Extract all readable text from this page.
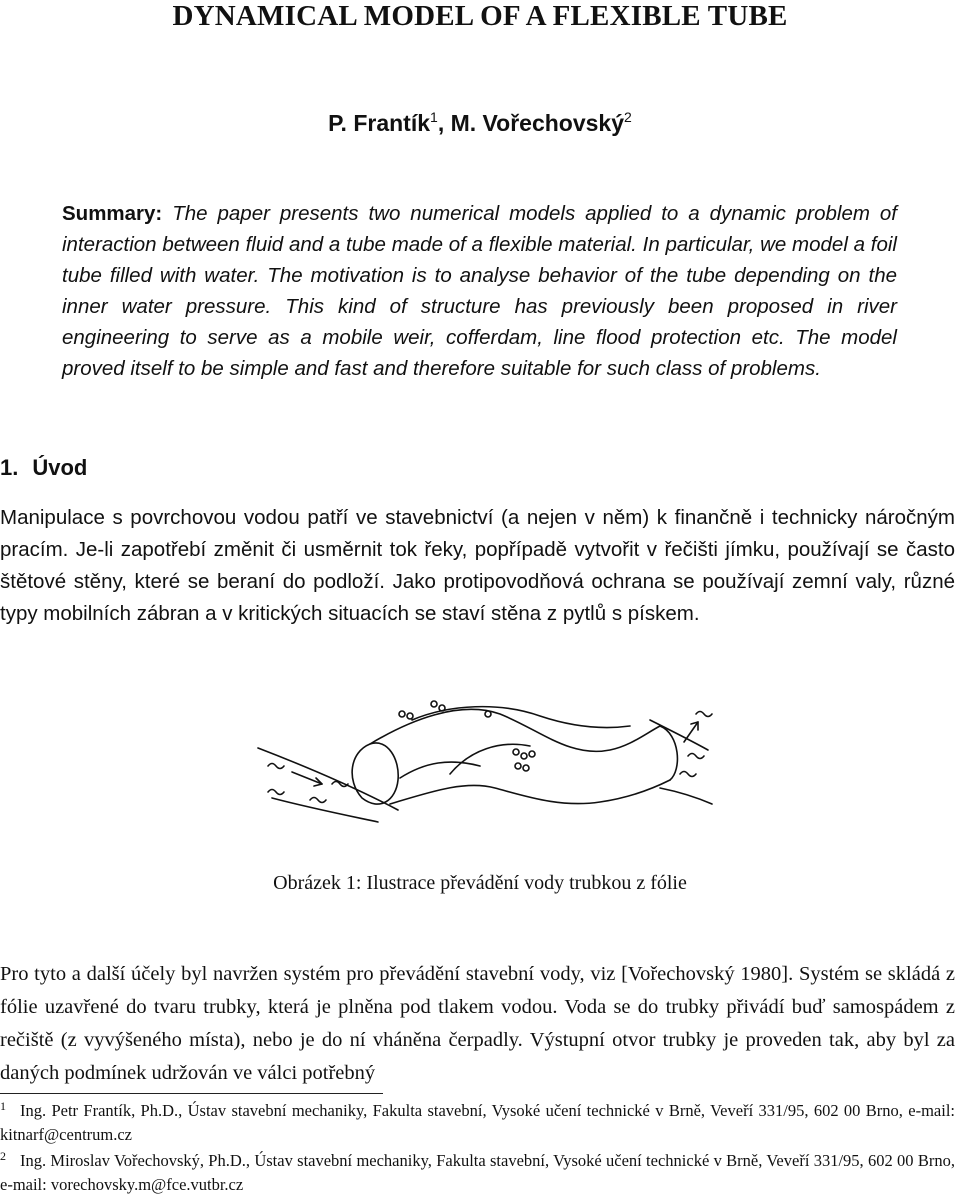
DYNAMICAL MODEL OF A FLEXIBLE TUBE
P. Frantík$^1$, M. Vořechovský$^2$
Summary: The paper presents two numerical models applied to a dynamic problem of interaction between fluid and a tube made of a flexible material. In particular, we model a foil tube filled with water. The motivation is to analyse behavior of the tube depending on the inner water pressure. This kind of structure has previously been proposed in river engineering to serve as a mobile weir, cofferdam, line flood protection etc. The model proved itself to be simple and fast and therefore suitable for such class of problems.
1. Úvod
Manipulace s povrchovou vodou patří ve stavebnictví (a nejen v něm) k finančně i technicky náročným pracím. Je-li zapotřebí změnit či usměrnit tok řeky, popřípadě vytvořit v řečišti jímku, používají se často štětové stěny, které se beraní do podloží. Jako protipovodňová ochrana se používají zemní valy, různé typy mobilních zábran a v kritických situacích se staví stěna z pytlů s pískem.
Obrázek 1: Ilustrace převádění vody trubkou z fólie
Pro tyto a další účely byl navržen systém pro převádění stavební vody, viz [Vořechovský 1980]. Systém se skládá z fólie uzavřené do tvaru trubky, která je plněna pod tlakem vodou. Voda se do trubky přivádí buď samospádem z rečiště (z vyvýšeného místa), nebo je do ní vháněna čerpadly. Výstupní otvor trubky je proveden tak, aby byl za daných podmínek udržován ve válci potřebný

$^1$ Ing. Petr Frantík, Ph.D., Ústav stavební mechaniky, Fakulta stavební, Vysoké učení technické v Brně, Veveří 331/95, 602 00 Brno, e-mail: kitnarf@centrum.cz

$^2$ Ing. Miroslav Vořechovský, Ph.D., Ústav stavební mechaniky, Fakulta stavební, Vysoké učení technické v Brně, Veveří 331/95, 602 00 Brno, e-mail: vorechovsky.m@fce.vutbr.cz
